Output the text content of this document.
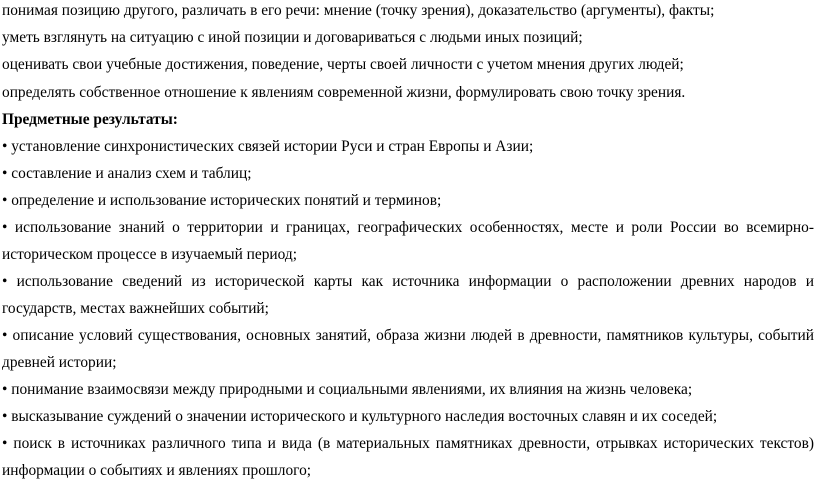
понимая позицию другого, различать в его речи: мнение (точку зрения), доказательство (аргументы), факты;
уметь взглянуть на ситуацию с иной позиции и договариваться с людьми иных позиций;
оценивать свои учебные достижения, поведение, черты своей личности с учетом мнения других людей;
определять собственное отношение к явлениям современной жизни, формулировать свою точку зрения.
Предметные результаты:
• установление синхронистических связей истории Руси и стран Европы и Азии;
• составление и анализ схем и таблиц;
• определение и использование исторических понятий и терминов;
• использование знаний о территории и границах, географических особенностях, месте и роли России во всемирно-
историческом процессе в изучаемый период;
• использование сведений из исторической карты как источника информации о расположении древних народов и
государств, местах важнейших событий;
• описание условий существования, основных занятий, образа жизни людей в древности, памятников культуры, событий
древней истории;
• понимание взаимосвязи между природными и социальными явлениями, их влияния на жизнь человека;
• высказывание суждений о значении исторического и культурного наследия восточных славян и их соседей;
• поиск в источниках различного типа и вида (в материальных памятниках древности, отрывках исторических текстов)
информации о событиях и явлениях прошлого;
